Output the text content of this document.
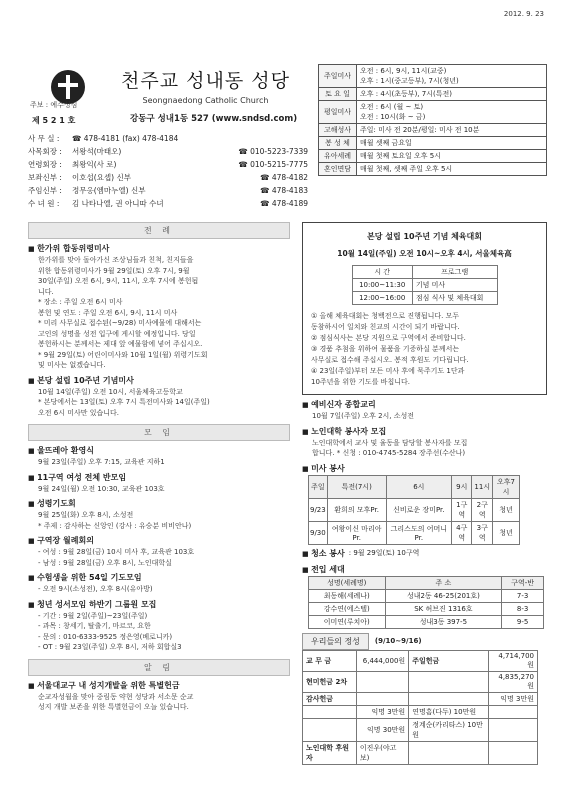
2012. 9. 23
천주교 성내동 성당
Seongnaedong Catholic Church
주보 : 예수성심
제 5 2 1 호	강동구 성내1동 527 (www.sndsd.com)
사 무 실 :	☎ 478-4181 (fax) 478-4184
사목회장 :	서왕석(마태오)	☎ 010-5223-7339
연령회장 :	최왕익(사 로)	☎ 010-5215-7775
보좌신부 :	이호섭(요셉) 신부	☎ 478-4182
주임신부 :	정무옹(엠마누엘) 신부	☎ 478-4183
수 녀 원 :	김 나타나엘, 권 아니따 수녀	☎ 478-4189
주일미사	오전 : 6시, 9시, 11시(교중)
오후 : 1시(중고등부), 7시(청년)
토 요 일	오후 : 4시(초등부), 7시(특전)
평일미사	오전 : 6시 (월 ~ 토)
오전 : 10시(화 ~ 금)
고해성사	주일: 미사 전 20분/평일: 미사 전 10분
봉 성 체	매월 셋째 금요일
유아세례	매월 첫째 토요일 오후 5시
혼인면담	매월 첫째, 셋째 주일 오후 5시
전 례
■ 한가위 합동위령미사
한가위를 맞아 돌아가신 조상님들과 친척, 친지들을
위한 합동위령미사가 9월 29일(토) 오후 7시, 9월
30일(주일) 오전 6시, 9시, 11시, 오후 7시에 봉헌됩
니다.
* 장소 : 주일 오전 6시 미사
봉헌 및 연도 : 주일 오전 6시, 9시, 11시 미사
* 미리 사무실로 접수된(~9/28) 미사예물에 대해서는
고인의 성명을 성전 입구에 게시할 예정입니다. 당일
봉헌하시는 분께서는 제대 앞 예물함에 넣어 주십시오.
* 9월 29일(토) 어린이미사와 10월 1일(월) 위령기도회
및 미사는 없겠습니다.
■ 본당 설립 10주년 기념미사
10월 14일(주일) 오전 10시, 서울체육고등학교
* 본당에서는 13일(토) 오후 7시 특전미사와 14일(주일)
오전 6시 미사만 있습니다.
모 임
■ 울뜨레아 환영식
9월 23일(주일) 오후 7:15, 교육관 지하1
■ 11구역 여성 전체 반모임
9월 24일(월) 오전 10:30, 교육관 103호
■ 성령기도회
9월 25일(화) 오후 8시, 소성전
* 주제 : 감사하는 신앙인 (강사 : 유승분 비비안나)
■ 구역장 월례회의
- 여성 : 9월 28일(금) 10시 미사 후, 교육관 103호
- 남성 : 9월 28일(금) 오후 8시, 노인대학실
■ 수험생을 위한 54일 기도모임
- 오전 9시(소성전), 오후 8시(유아방)
■ 청년 성서모임 하반기 그룹원 모집
- 기간 : 9월 2일(주일)~23일(주일)
- 과목 : 창세기, 탈출기, 마르코, 요한
- 문의 : 010-6333-9525 정은영(베로니카)
- OT : 9월 23일(주일) 오후 8시, 저하 회합실3
알 림
■ 서울대교구 내 성지개발을 위한 특별헌금
순교자성월을 맞아 중림동 약현 성당과 서소문 순교
성지 개발 보존을 위한 특별헌금이 오늘 있습니다.
본당 설립 10주년 기념 체육대회
10월 14일(주일) 오전 10시~오후 4시, 서울체육高
시 간	프로그램
10:00~11:30	기념 미사
12:00~16:00	점심 식사 및 체육대회
① 올해 체육대회는 청백전으로 진행됩니다. 모두
동참하시어 일치와 친교의 시간이 되기 바랍니다.
② 점심식사는 본당 지원으로 구역에서 준비합니다.
③ 경품 추첨을 위하여 물품을 기증하실 분께서는
사무실로 접수해 주십시오. 봉적 후원도 기다립니다.
④ 23일(주일)부터 모든 미사 후에 묵주기도 1단과
10주년을 위한 기도를 바칩니다.
■ 예비신자 종합교리
10월 7일(주일) 오후 2시, 소성전
■ 노인대학 봉사자 모집
노인대학에서 교사 및 율동을 담당할 봉사자를 모집
합니다. * 신청 : 010-4745-5284 장주선(수산나)
■ 미사 봉사
주일	특전(7시)	6시	9시	11시	오후7시
9/23	환희의 모후Pr.	신비로운 장미Pr.	1구역	2구역	청년
9/30	여왕이신 마리아Pr.	그리스도의 어머니Pr.	4구역	3구역	청년
■ 청소 봉사 : 9월 29일(토) 10구역
■ 전입 세대
성명(세례명)	주 소	구역-반
최동해(세례나)	성내2동 46-25(201호)	7-3
강수연(에스텔)	SK 허브진 1316호	8-3
이미연(루치아)	성내3동 397-5	9-5
우리들의 정성	(9/10~9/16)
교 무 금	6,444,000원	주일헌금	4,714,700원
현미헌금 2차			4,835,270원
감사헌금			익명 3만원
	익명 3만원	연명흠(다두) 10만원	
	익명 30만원	정계순(카리타스) 10만원	
노인대학 후원자	이진우(야고보)		
